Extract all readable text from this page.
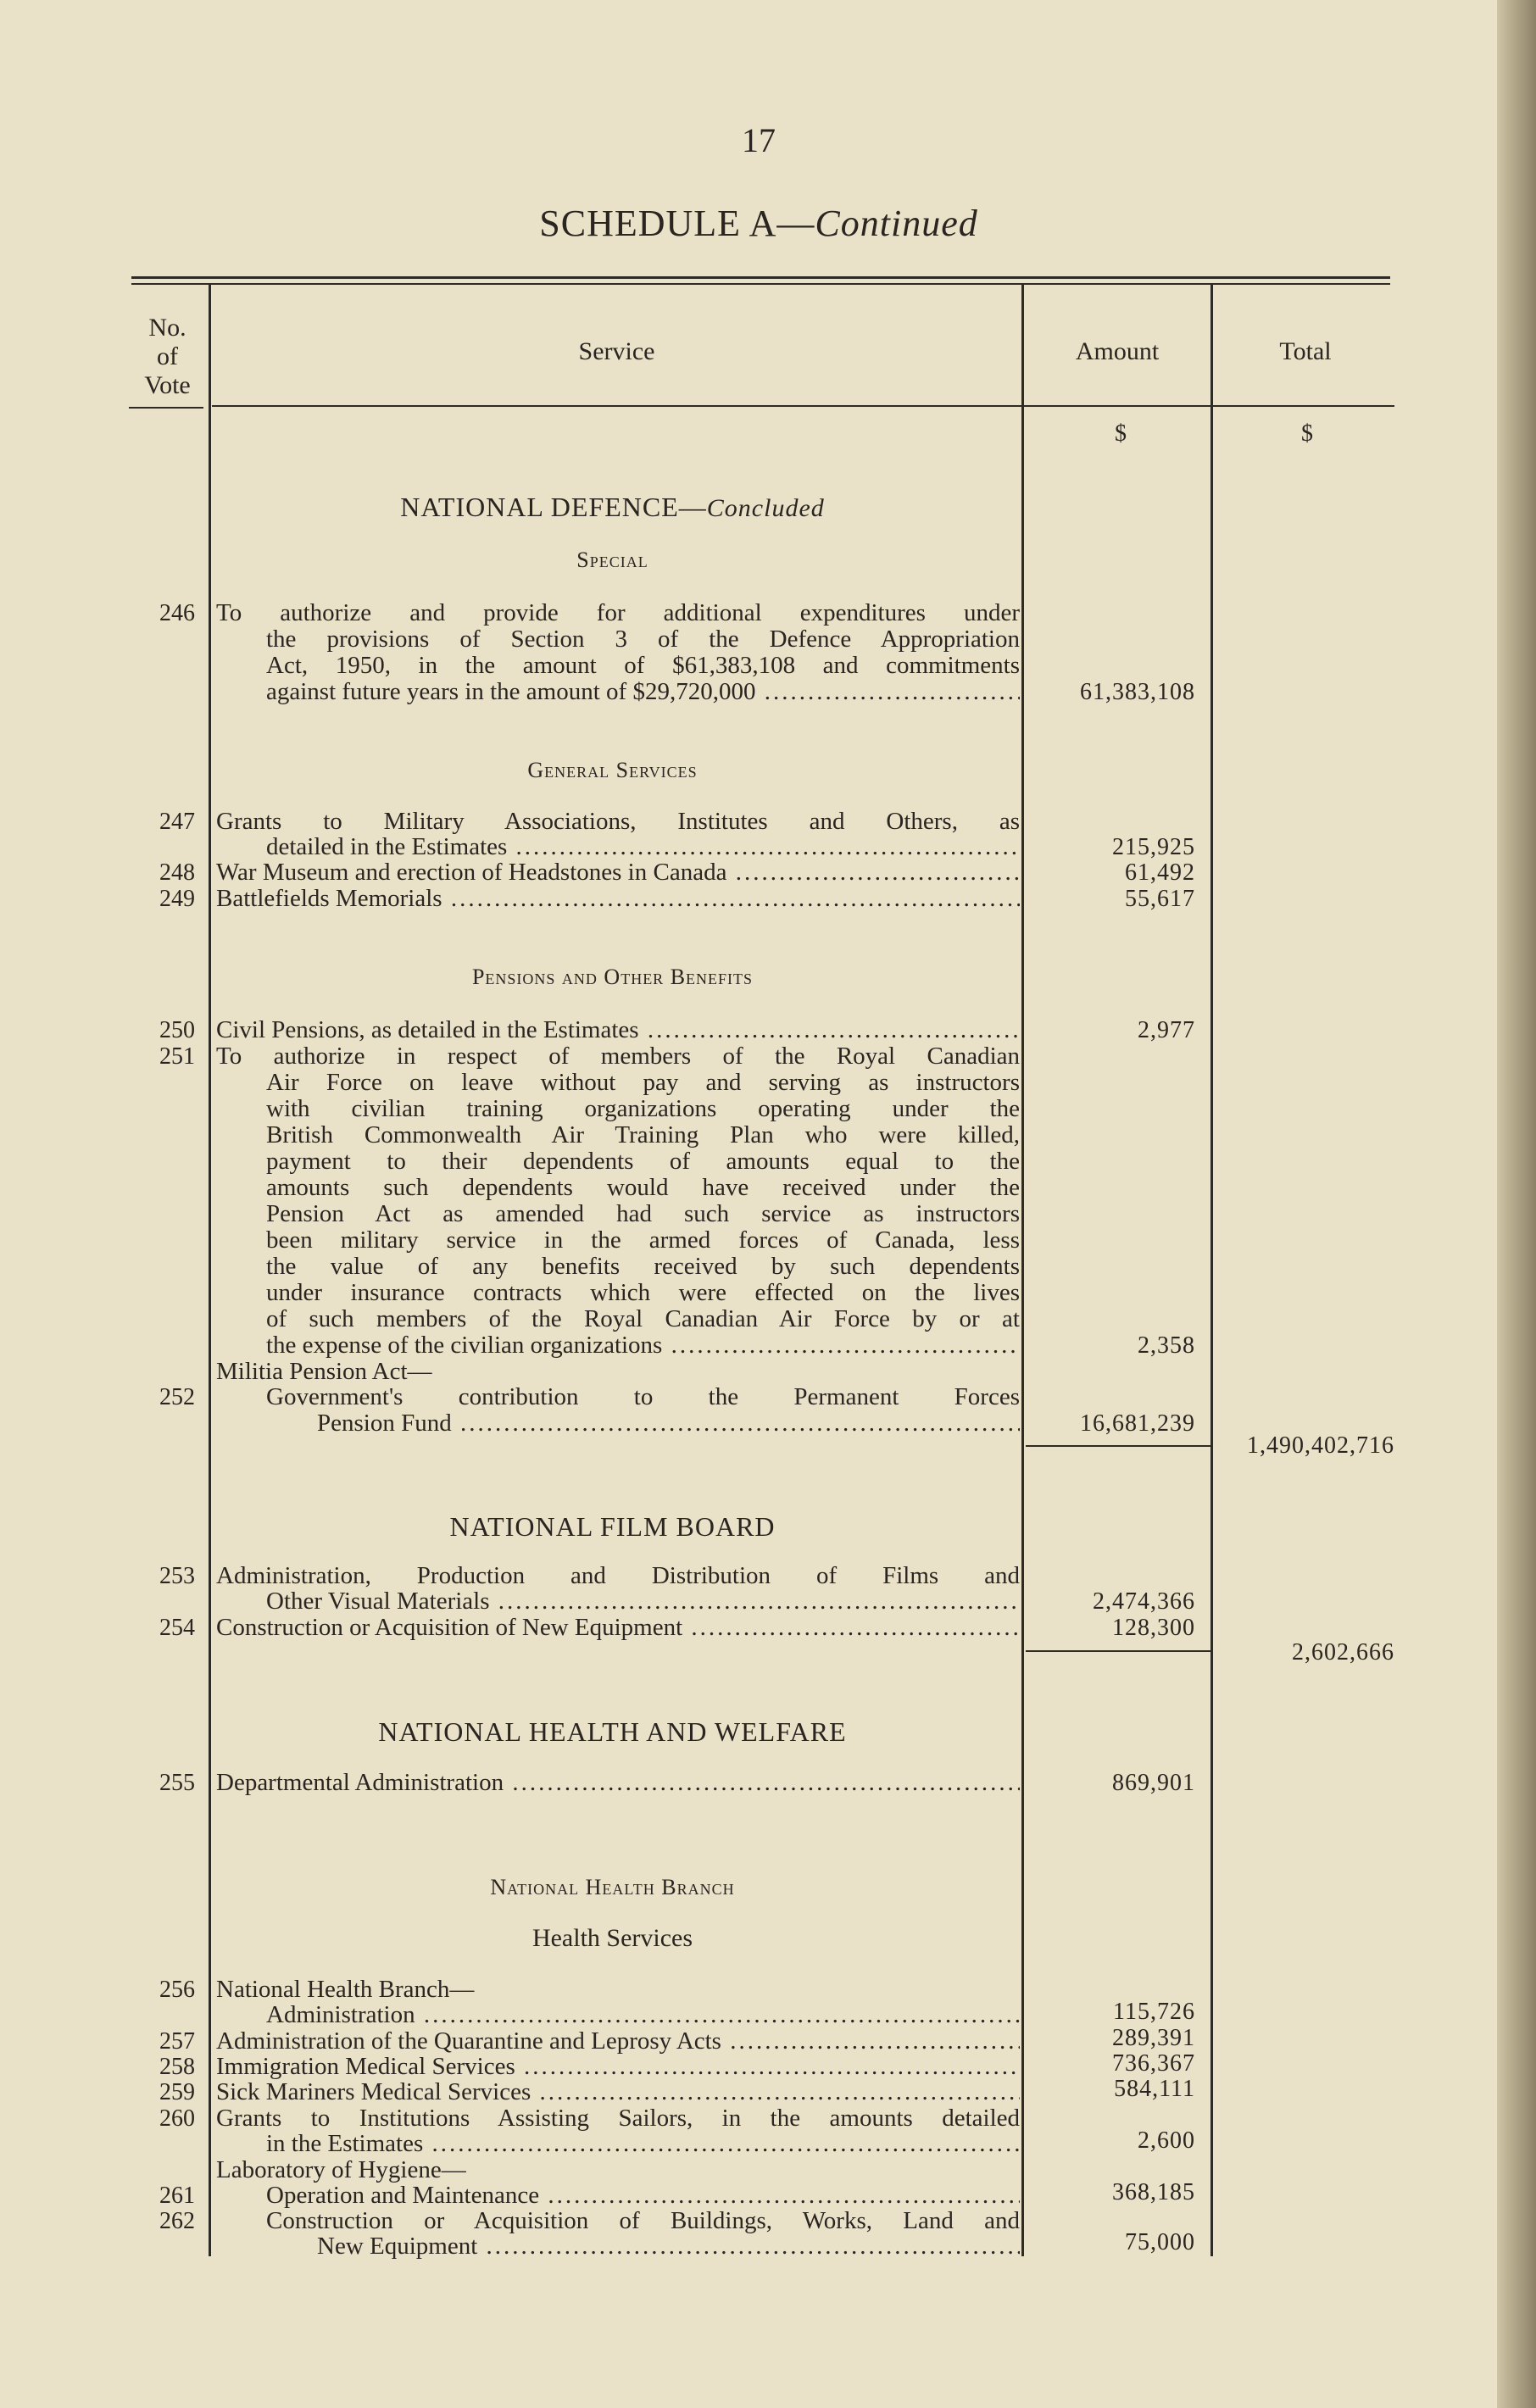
17
SCHEDULE A—Continued
No.
of
Vote
Service	Amount	Total
$	$
NATIONAL DEFENCE—Concluded
Special
246 To authorize and provide for additional expenditures under
the provisions of Section 3 of the Defence Appropriation
Act, 1950, in the amount of $61,383,108 and commitments
against future years in the amount of $29,720,000 .....	61,383,108
General Services
247 Grants to Military Associations, Institutes and Others, as
detailed in the Estimates .....	215,925
248 War Museum and erection of Headstones in Canada .....	61,492
249 Battlefields Memorials .....	55,617
Pensions and Other Benefits
250 Civil Pensions, as detailed in the Estimates .....	2,977
251 To authorize in respect of members of the Royal Canadian
Air Force on leave without pay and serving as instructors
with civilian training organizations operating under the
British Commonwealth Air Training Plan who were killed,
payment to their dependents of amounts equal to the
amounts such dependents would have received under the
Pension Act as amended had such service as instructors
been military service in the armed forces of Canada, less
the value of any benefits received by such dependents
under insurance contracts which were effected on the lives
of such members of the Royal Canadian Air Force by or at
the expense of the civilian organizations .....	2,358
Militia Pension Act—
252	Government's contribution to the Permanent Forces
Pension Fund .....	16,681,239
1,490,402,716
NATIONAL FILM BOARD
253 Administration, Production and Distribution of Films and
Other Visual Materials .....	2,474,366
254 Construction or Acquisition of New Equipment .....	128,300
2,602,666
NATIONAL HEALTH AND WELFARE
255 Departmental Administration .....	869,901
National Health Branch
Health Services
256 National Health Branch—
Administration .....	115,726
257 Administration of the Quarantine and Leprosy Acts .....	289,391
258 Immigration Medical Services .....	736,367
259 Sick Mariners Medical Services .....	584,111
260 Grants to Institutions Assisting Sailors, in the amounts detailed
in the Estimates .....	2,600
Laboratory of Hygiene—
261	Operation and Maintenance .....	368,185
262	Construction or Acquisition of Buildings, Works, Land and
New Equipment .....	75,000
